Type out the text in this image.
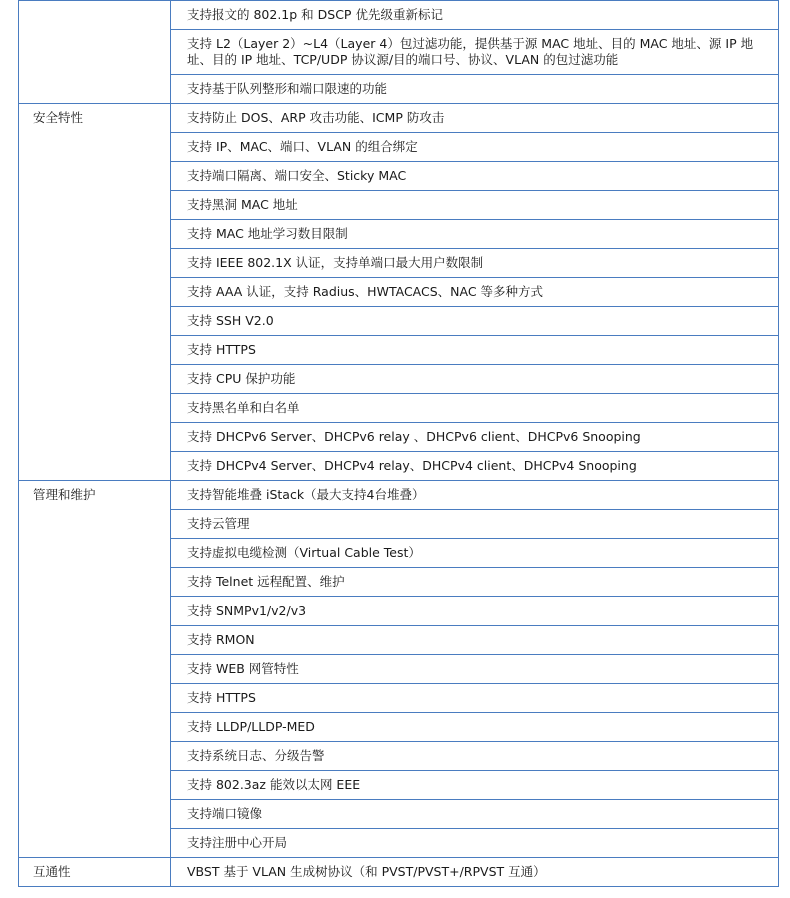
	支持报文的 802.1p 和 DSCP 优先级重新标记
	支持 L2（Layer 2）~L4（Layer 4）包过滤功能，提供基于源 MAC 地址、目的 MAC 地址、源 IP 地址、目的 IP 地址、TCP/UDP 协议源/目的端口号、协议、VLAN 的包过滤功能
	支持基于队列整形和端口限速的功能
安全特性	支持防止 DOS、ARP 攻击功能、ICMP 防攻击
	支持 IP、MAC、端口、VLAN 的组合绑定
	支持端口隔离、端口安全、Sticky MAC
	支持黑洞 MAC 地址
	支持 MAC 地址学习数目限制
	支持 IEEE 802.1X 认证，支持单端口最大用户数限制
	支持 AAA 认证，支持 Radius、HWTACACS、NAC 等多种方式
	支持 SSH V2.0
	支持 HTTPS
	支持 CPU 保护功能
	支持黑名单和白名单
	支持 DHCPv6 Server、DHCPv6 relay 、DHCPv6 client、DHCPv6 Snooping
	支持 DHCPv4 Server、DHCPv4 relay、DHCPv4 client、DHCPv4 Snooping
管理和维护	支持智能堆叠 iStack（最大支持4台堆叠）
	支持云管理
	支持虚拟电缆检测（Virtual Cable Test）
	支持 Telnet 远程配置、维护
	支持 SNMPv1/v2/v3
	支持 RMON
	支持 WEB 网管特性
	支持 HTTPS
	支持 LLDP/LLDP-MED
	支持系统日志、分级告警
	支持 802.3az 能效以太网 EEE
	支持端口镜像
	支持注册中心开局
互通性	VBST 基于 VLAN 生成树协议（和 PVST/PVST+/RPVST 互通）
